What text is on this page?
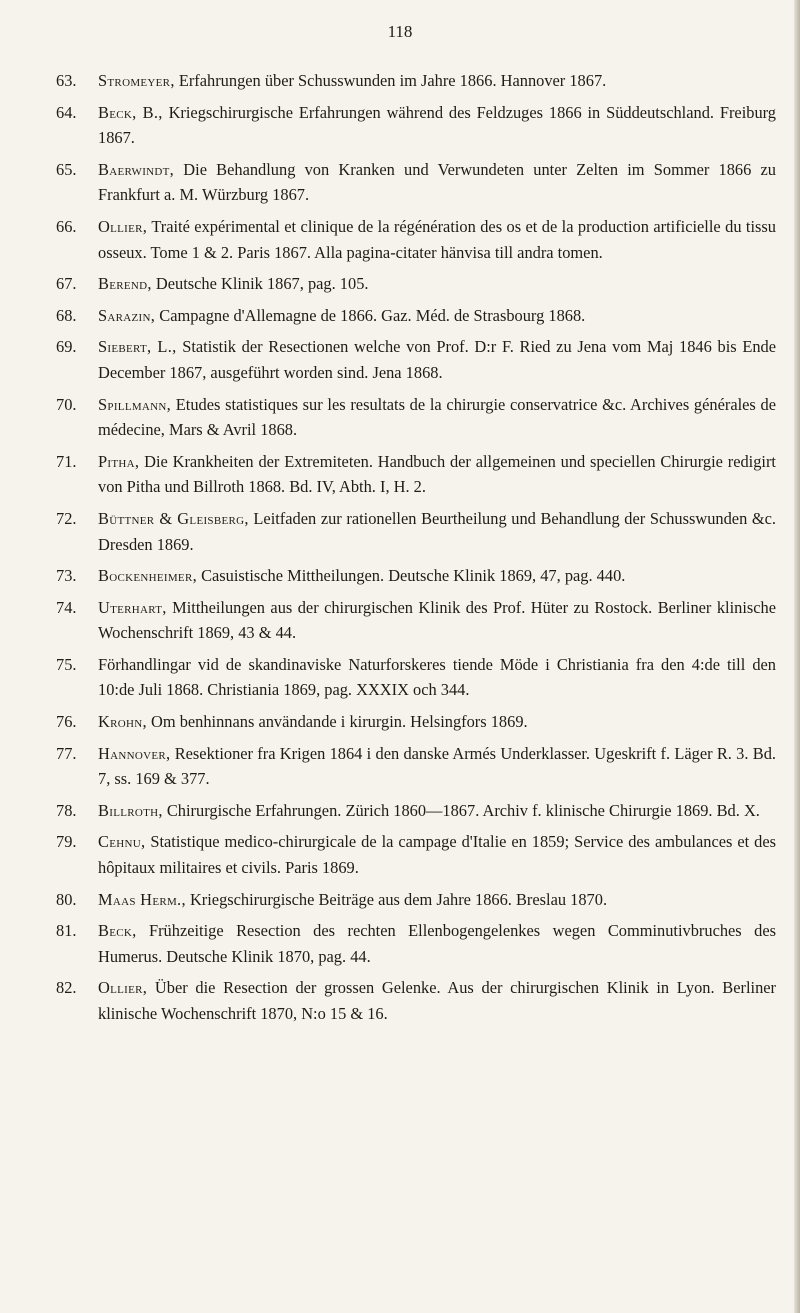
118
63.	Stromeyer, Erfahrungen über Schusswunden im Jahre 1866. Hannover 1867.
64.	Beck, B., Kriegschirurgische Erfahrungen während des Feldzuges 1866 in Süddeutschland. Freiburg 1867.
65.	Baerwindt, Die Behandlung von Kranken und Verwundeten unter Zelten im Sommer 1866 zu Frankfurt a. M. Würzburg 1867.
66.	Ollier, Traité expérimental et clinique de la régénération des os et de la production artificielle du tissu osseux. Tome 1 & 2. Paris 1867. Alla pagina-citater hänvisa till andra tomen.
67.	Berend, Deutsche Klinik 1867, pag. 105.
68.	Sarazin, Campagne d'Allemagne de 1866. Gaz. Méd. de Strasbourg 1868.
69.	Siebert, L., Statistik der Resectionen welche von Prof. D:r F. Ried zu Jena vom Maj 1846 bis Ende December 1867, ausgeführt worden sind. Jena 1868.
70.	Spillmann, Etudes statistiques sur les resultats de la chirurgie conservatrice &c. Archives générales de médecine, Mars & Avril 1868.
71.	Pitha, Die Krankheiten der Extremiteten. Handbuch der allgemeinen und speciellen Chirurgie redigirt von Pitha und Billroth 1868. Bd. IV, Abth. I, H. 2.
72.	Büttner & Gleisberg, Leitfaden zur rationellen Beurtheilung und Behandlung der Schusswunden &c. Dresden 1869.
73.	Bockenheimer, Casuistische Mittheilungen. Deutsche Klinik 1869, 47, pag. 440.
74.	Uterhart, Mittheilungen aus der chirurgischen Klinik des Prof. Hüter zu Rostock. Berliner klinische Wochenschrift 1869, 43 & 44.
75.	Förhandlingar vid de skandinaviske Naturforskeres tiende Möde i Christiania fra den 4:de till den 10:de Juli 1868. Christiania 1869, pag. XXXIX och 344.
76.	Krohn, Om benhinnans användande i kirurgin. Helsingfors 1869.
77.	Hannover, Resektioner fra Krigen 1864 i den danske Armés Underklasser. Ugeskrift f. Läger R. 3. Bd. 7, ss. 169 & 377.
78.	Billroth, Chirurgische Erfahrungen. Zürich 1860—1867. Archiv f. klinische Chirurgie 1869. Bd. X.
79.	Cehnu, Statistique medico-chirurgicale de la campage d'Italie en 1859; Service des ambulances et des hôpitaux militaires et civils. Paris 1869.
80.	Maas Herm., Kriegschirurgische Beiträge aus dem Jahre 1866. Breslau 1870.
81.	Beck, Frühzeitige Resection des rechten Ellenbogengelenkes wegen Comminutivbruches des Humerus. Deutsche Klinik 1870, pag. 44.
82.	Ollier, Über die Resection der grossen Gelenke. Aus der chirurgischen Klinik in Lyon. Berliner klinische Wochenschrift 1870, N:o 15 & 16.
